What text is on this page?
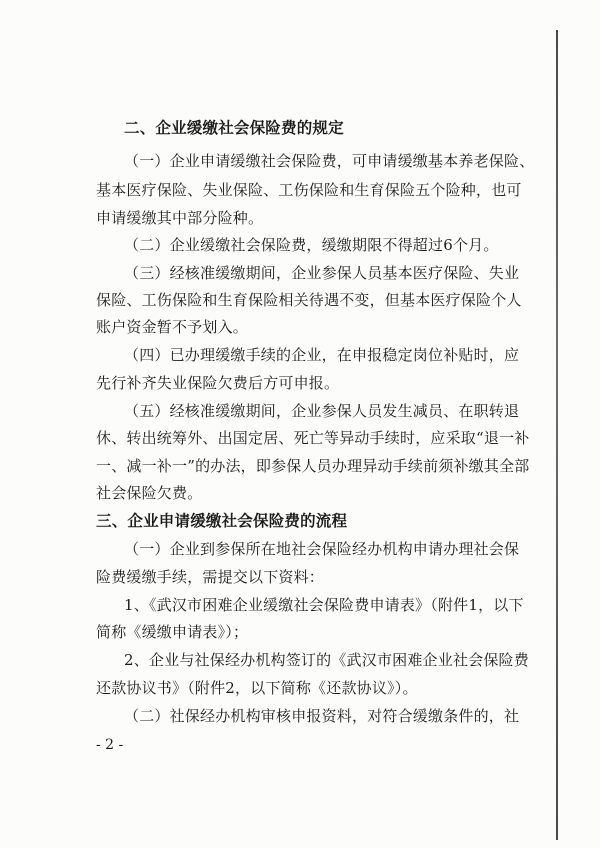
二、企业缓缴社会保险费的规定
（一）企业申请缓缴社会保险费，可申请缓缴基本养老保险、
基本医疗保险、失业保险、工伤保险和生育保险五个险种，也可
申请缓缴其中部分险种。
（二）企业缓缴社会保险费，缓缴期限不得超过6个月。
（三）经核准缓缴期间，企业参保人员基本医疗保险、失业
保险、工伤保险和生育保险相关待遇不变，但基本医疗保险个人
账户资金暂不予划入。
（四）已办理缓缴手续的企业，在申报稳定岗位补贴时，应
先行补齐失业保险欠费后方可申报。
（五）经核准缓缴期间，企业参保人员发生减员、在职转退
休、转出统筹外、出国定居、死亡等异动手续时，应采取“退一补
一、减一补一”的办法，即参保人员办理异动手续前须补缴其全部
社会保险欠费。
三、企业申请缓缴社会保险费的流程
（一）企业到参保所在地社会保险经办机构申请办理社会保
险费缓缴手续，需提交以下资料：
1、《武汉市困难企业缓缴社会保险费申请表》（附件1，以下
简称《缓缴申请表》）；
2、企业与社保经办机构签订的《武汉市困难企业社会保险费
还款协议书》（附件2，以下简称《还款协议》）。
（二）社保经办机构审核申报资料，对符合缓缴条件的，社
- 2 -
